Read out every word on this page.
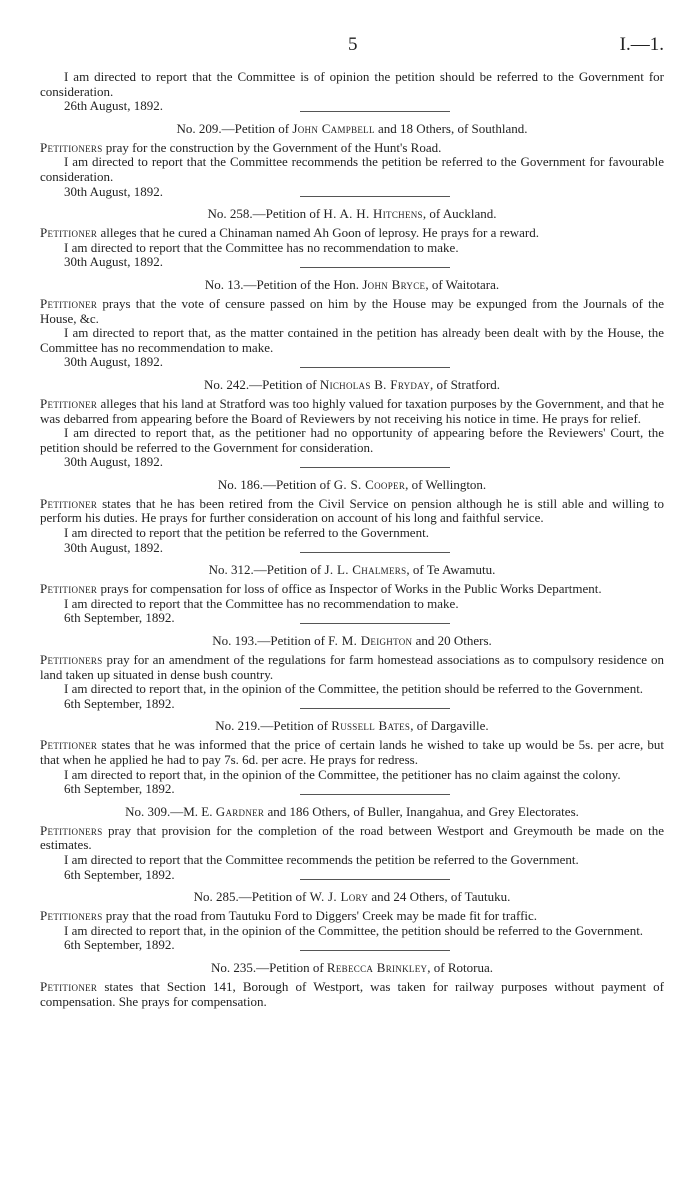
5	I.—1.

I am directed to report that the Committee is of opinion the petition should be referred to the Government for consideration.

26th August, 1892.

No. 209.—Petition of John Campbell and 18 Others, of Southland.

Petitioners pray for the construction by the Government of the Hunt's Road.

I am directed to report that the Committee recommends the petition be referred to the Government for favourable consideration.

30th August, 1892.

No. 258.—Petition of H. A. H. Hitchens, of Auckland.

Petitioner alleges that he cured a Chinaman named Ah Goon of leprosy. He prays for a reward.

I am directed to report that the Committee has no recommendation to make.

30th August, 1892.

No. 13.—Petition of the Hon. John Bryce, of Waitotara.

Petitioner prays that the vote of censure passed on him by the House may be expunged from the Journals of the House, &c.

I am directed to report that, as the matter contained in the petition has already been dealt with by the House, the Committee has no recommendation to make.

30th August, 1892.

No. 242.—Petition of Nicholas B. Fryday, of Stratford.

Petitioner alleges that his land at Stratford was too highly valued for taxation purposes by the Government, and that he was debarred from appearing before the Board of Reviewers by not receiving his notice in time. He prays for relief.

I am directed to report that, as the petitioner had no opportunity of appearing before the Reviewers' Court, the petition should be referred to the Government for consideration.

30th August, 1892.

No. 186.—Petition of G. S. Cooper, of Wellington.

Petitioner states that he has been retired from the Civil Service on pension although he is still able and willing to perform his duties. He prays for further consideration on account of his long and faithful service.

I am directed to report that the petition be referred to the Government.

30th August, 1892.

No. 312.—Petition of J. L. Chalmers, of Te Awamutu.

Petitioner prays for compensation for loss of office as Inspector of Works in the Public Works Department.

I am directed to report that the Committee has no recommendation to make.

6th September, 1892.

No. 193.—Petition of F. M. Deighton and 20 Others.

Petitioners pray for an amendment of the regulations for farm homestead associations as to compulsory residence on land taken up situated in dense bush country.

I am directed to report that, in the opinion of the Committee, the petition should be referred to the Government.

6th September, 1892.

No. 219.—Petition of Russell Bates, of Dargaville.

Petitioner states that he was informed that the price of certain lands he wished to take up would be 5s. per acre, but that when he applied he had to pay 7s. 6d. per acre. He prays for redress.

I am directed to report that, in the opinion of the Committee, the petitioner has no claim against the colony.

6th September, 1892.

No. 309.—M. E. Gardner and 186 Others, of Buller, Inangahua, and Grey Electorates.

Petitioners pray that provision for the completion of the road between Westport and Greymouth be made on the estimates.

I am directed to report that the Committee recommends the petition be referred to the Government.

6th September, 1892.

No. 285.—Petition of W. J. Lory and 24 Others, of Tautuku.

Petitioners pray that the road from Tautuku Ford to Diggers' Creek may be made fit for traffic.

I am directed to report that, in the opinion of the Committee, the petition should be referred to the Government.

6th September, 1892.

No. 235.—Petition of Rebecca Brinkley, of Rotorua.

Petitioner states that Section 141, Borough of Westport, was taken for railway purposes without payment of compensation. She prays for compensation.
